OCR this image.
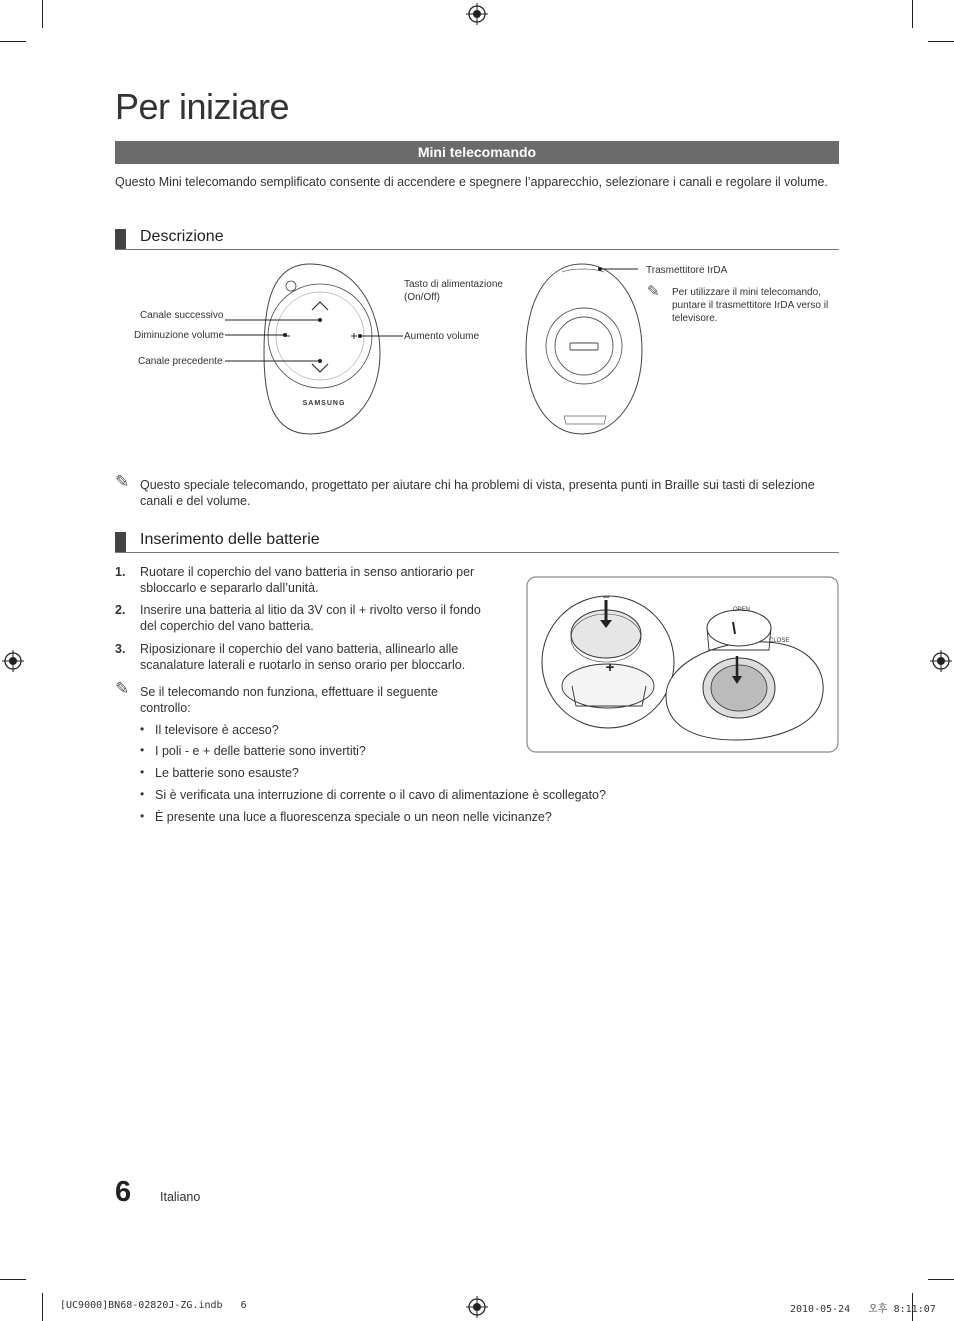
Per iniziare
Mini telecomando
Questo Mini telecomando semplificato consente di accendere e spegnere l’apparecchio, selezionare i canali e regolare il volume.
Descrizione
SAMSUNG
Canale successivo
Diminuzione volume
Canale precedente
Tasto di alimentazione (On/Off)
Aumento volume
Trasmettitore IrDA
✎ Per utilizzare il mini telecomando, puntare il trasmettitore IrDA verso il televisore.
✎ Questo speciale telecomando, progettato per aiutare chi ha problemi di vista, presenta punti in Braille sui tasti di selezione canali e del volume.
Inserimento delle batterie
1. Ruotare il coperchio del vano batteria in senso antiorario per sbloccarlo e separarlo dall’unità.
2. Inserire una batteria al litio da 3V con il + rivolto verso il fondo del coperchio del vano batteria.
3. Riposizionare il coperchio del vano batteria, allinearlo alle scanalature laterali e ruotarlo in senso orario per bloccarlo.
✎ Se il telecomando non funziona, effettuare il seguente controllo:
• Il televisore è acceso?
• I poli - e + delle batterie sono invertiti?
• Le batterie sono esauste?
• Si è verificata una interruzione di corrente o il cavo di alimentazione è scollegato?
• È presente una luce a fluorescenza speciale o un neon nelle vicinanze?
–
+
OPEN
CLOSE
6 Italiano
[UC9000]BN68-02820J-ZG.indb   6	2010-05-24   오후 8:11:07
